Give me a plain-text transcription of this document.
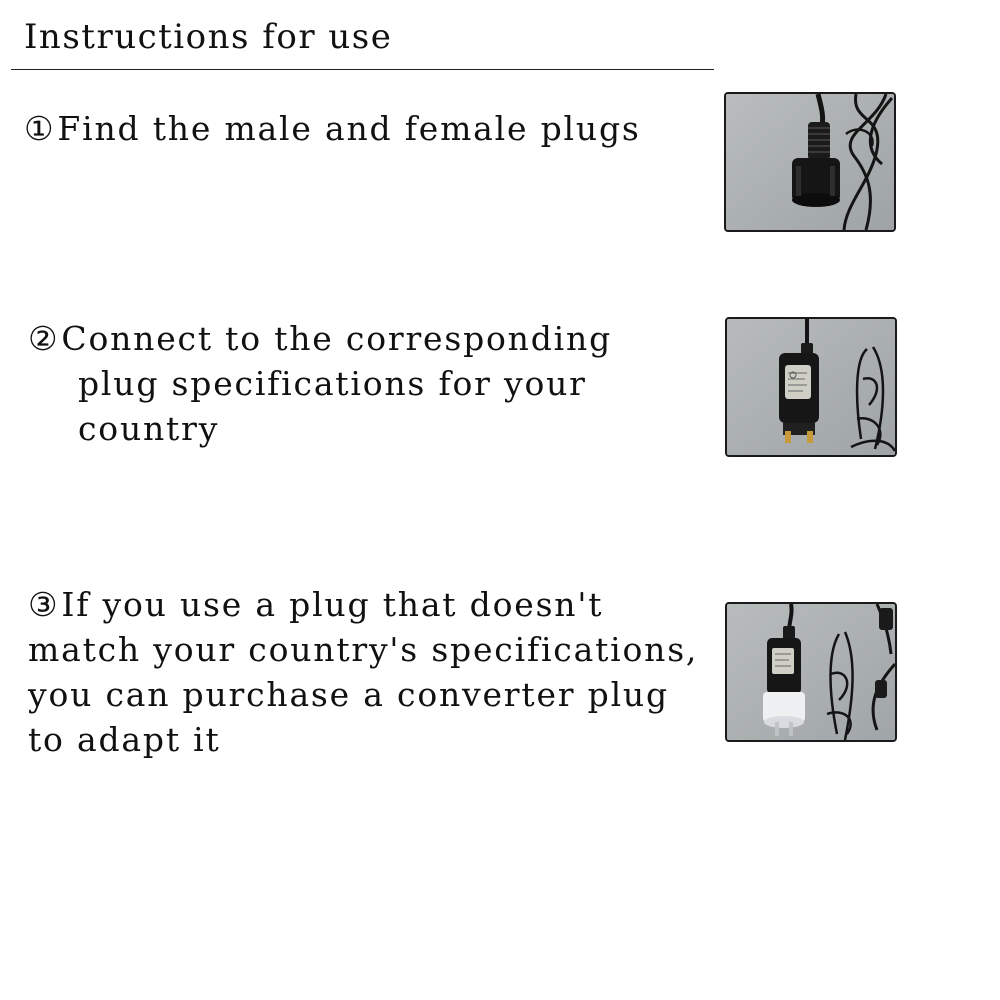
Instructions for use
①Find the male and female plugs
②Connect to the corresponding
plug specifications for your
country
③If you use a plug that doesn't
match your country's specifications,
you can purchase a converter plug
to adapt it
